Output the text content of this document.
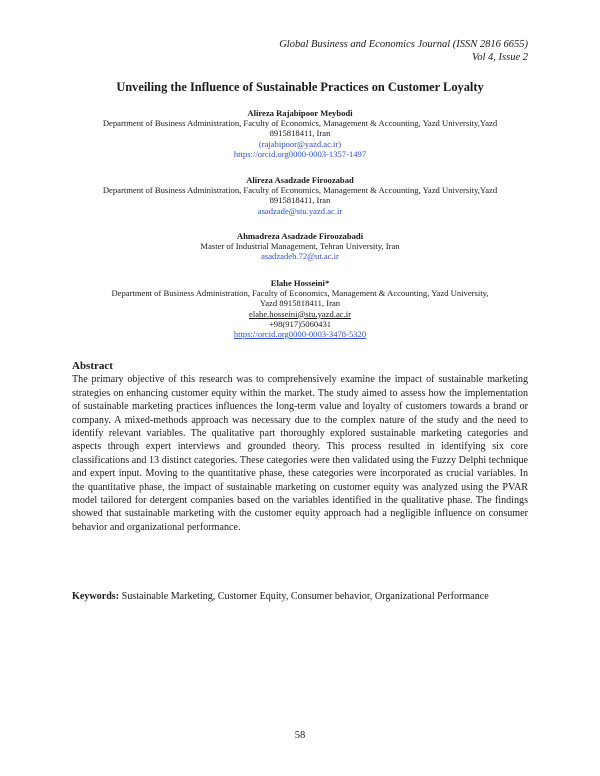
Global Business and Economics Journal (ISSN 2816 6655)
Vol 4, Issue 2
Unveiling the Influence of Sustainable Practices on Customer Loyalty
Alireza Rajabipoor Meybodi
Department of Business Administration, Faculty of Economics, Management & Accounting, Yazd University,Yazd
8915818411, Iran
(rajabipoor@yazd.ac.ir)
https://orcid.org0000-0003-1357-1497
Alireza Asadzade Firoozabad
Department of Business Administration, Faculty of Economics, Management & Accounting, Yazd University,Yazd
8915818411, Iran
asadzade@stu.yazd.ac.ir
Ahmadreza Asadzade Firoozabadi
Master of Industrial Management, Tehran University, Iran
asadzadeh.72@ut.ac.ir
Elahe Hosseini*
Department of Business Administration, Faculty of Economics, Management & Accounting, Yazd University,
Yazd 8915818411, Iran
elahe.hosseini@stu.yazd.ac.ir
+98(917)5060431
https://orcid.org0000-0003-3478-5320
Abstract

The primary objective of this research was to comprehensively examine the impact of sustainable marketing strategies on enhancing customer equity within the market. The study aimed to assess how the implementation of sustainable marketing practices influences the long-term value and loyalty of customers towards a brand or company. A mixed-methods approach was necessary due to the complex nature of the study and the need to identify relevant variables. The qualitative part thoroughly explored sustainable marketing categories and aspects through expert interviews and grounded theory. This process resulted in identifying six core classifications and 13 distinct categories. These categories were then validated using the Fuzzy Delphi technique and expert input. Moving to the quantitative phase, these categories were incorporated as crucial variables. In the quantitative phase, the impact of sustainable marketing on customer equity was analyzed using the PVAR model tailored for detergent companies based on the variables identified in the qualitative phase. The findings showed that sustainable marketing with the customer equity approach had a negligible influence on consumer behavior and organizational performance.

Keywords: Sustainable Marketing, Customer Equity, Consumer behavior, Organizational Performance
58
